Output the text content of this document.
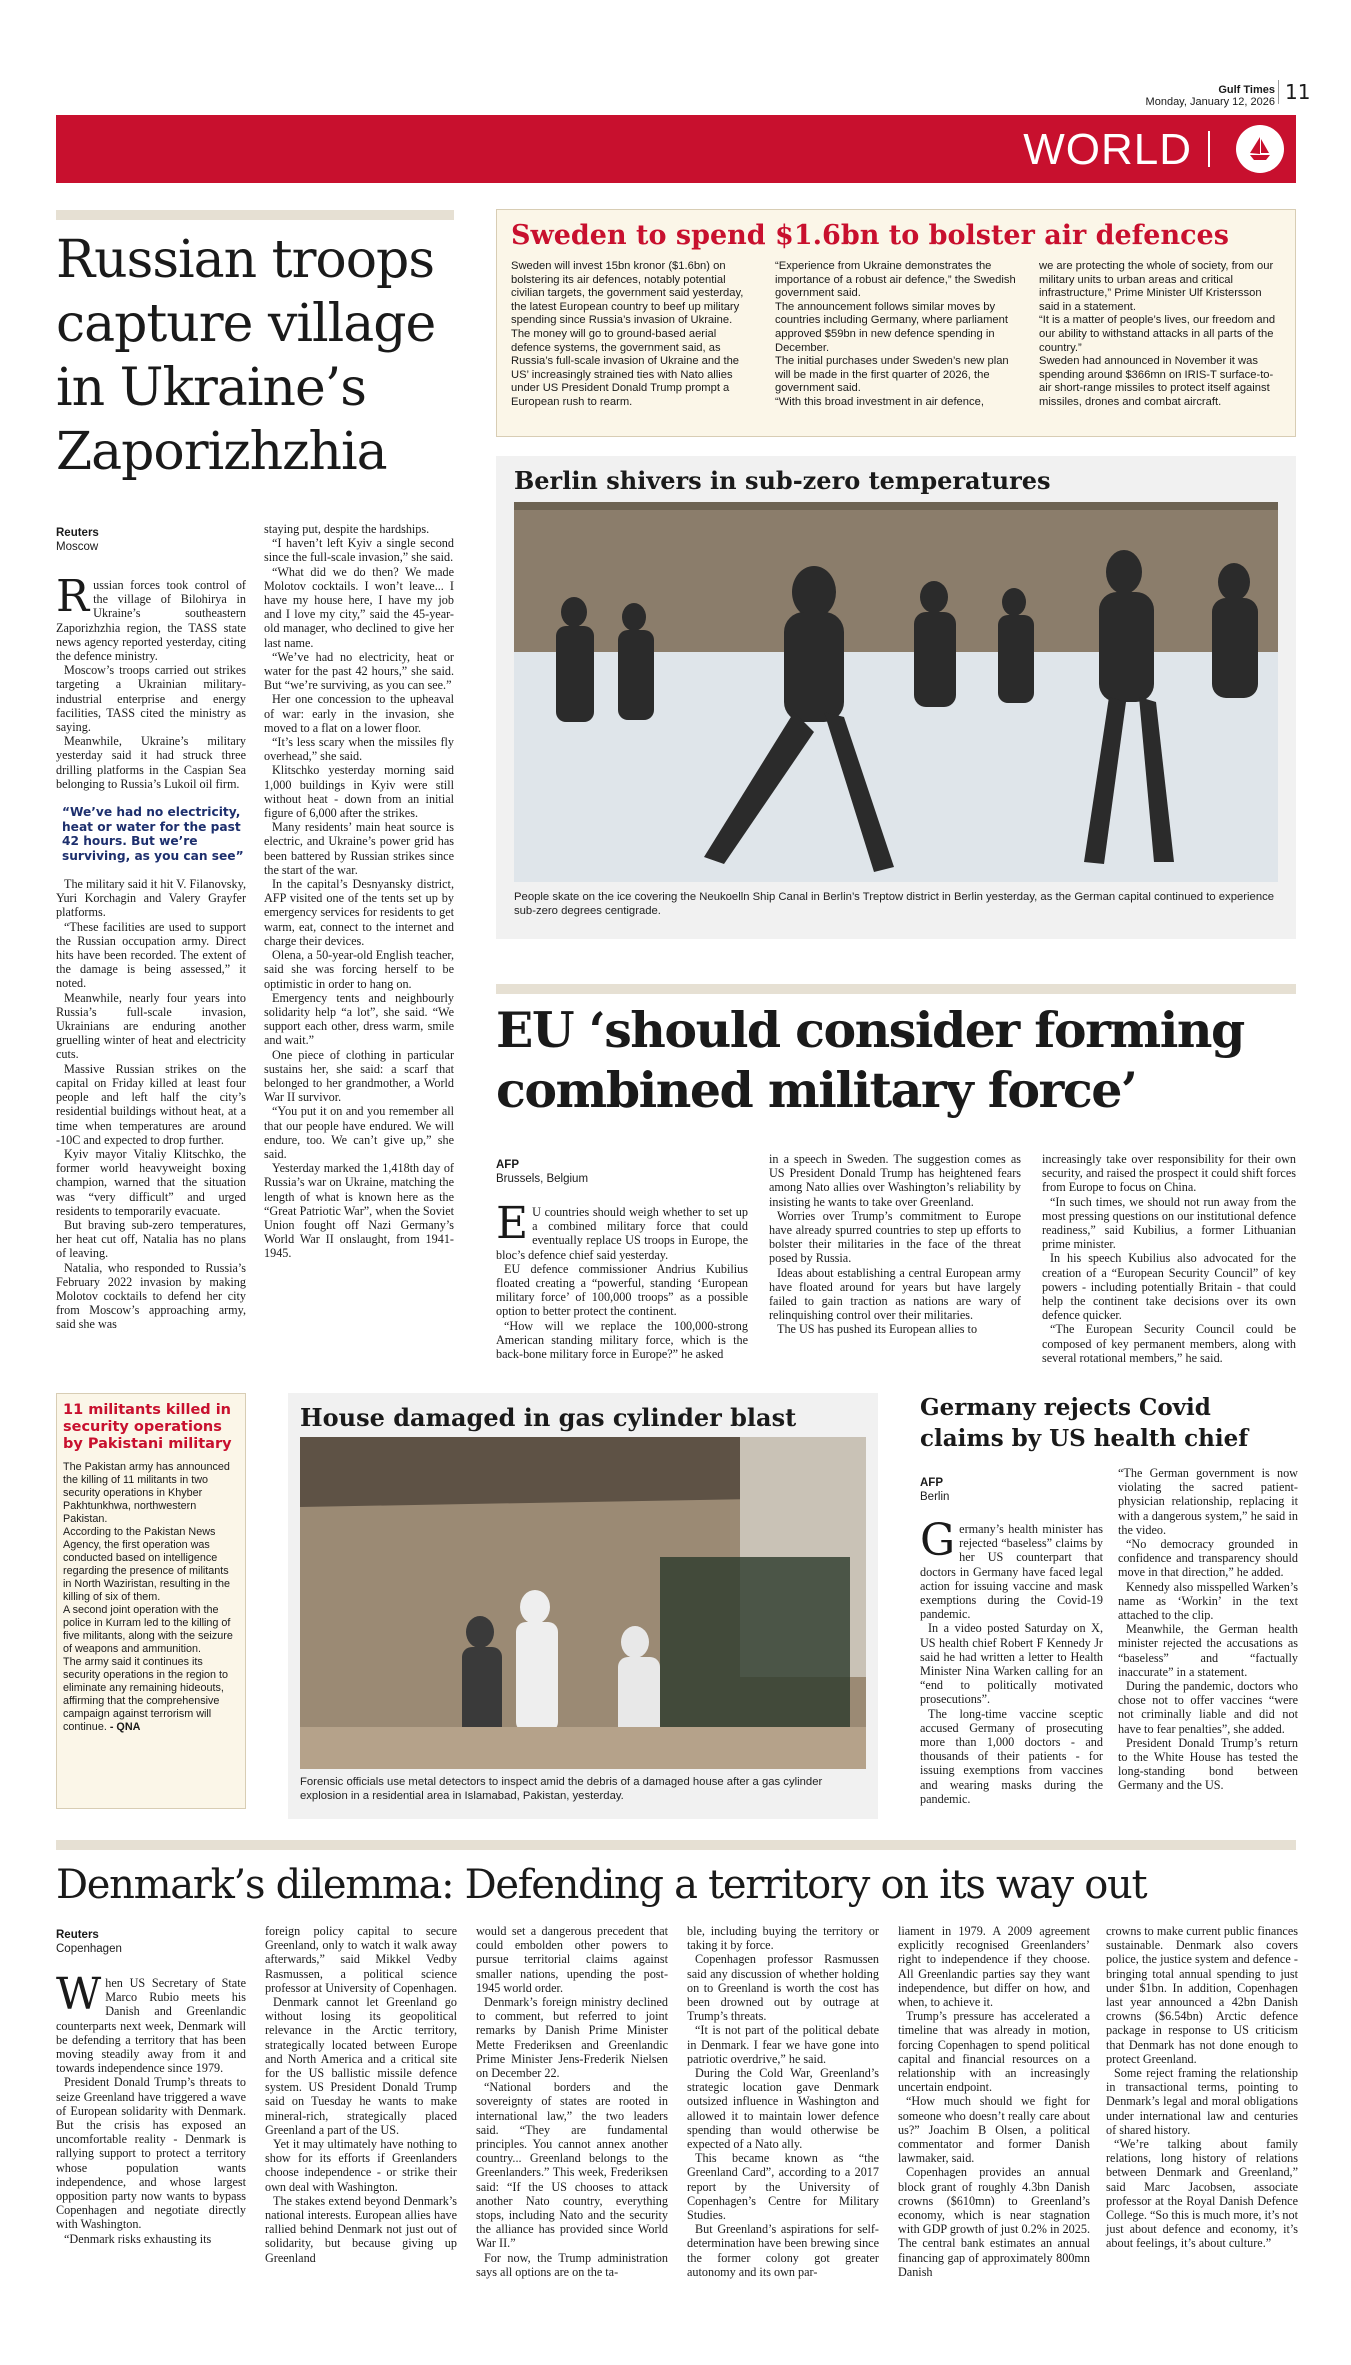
Gulf Times
Monday, January 12, 2026 11
WORLD
Russian troops capture village in Ukraine’s Zaporizhzhia
Reuters
Moscow

Russian forces took control of the village of Bilohirya in Ukraine’s southeastern Zaporizhzhia region, the TASS state news agency reported yesterday, citing the defence ministry.

Moscow’s troops carried out strikes targeting a Ukrainian military-industrial enterprise and energy facilities, TASS cited the ministry as saying.

Meanwhile, Ukraine’s military yesterday said it had struck three drilling platforms in the Caspian Sea belonging to Russia’s Lukoil oil firm.

“We’ve had no electricity, heat or water for the past 42 hours. But we’re surviving, as you can see”

The military said it hit V. Filanovsky, Yuri Korchagin and Valery Grayfer platforms.

“These facilities are used to support the Russian occupation army. Direct hits have been recorded. The extent of the damage is being assessed,” it noted.

Meanwhile, nearly four years into Russia’s full-scale invasion, Ukrainians are enduring another gruelling winter of heat and electricity cuts.

Massive Russian strikes on the capital on Friday killed at least four people and left half the city’s residential buildings without heat, at a time when temperatures are around -10C and expected to drop further.

Kyiv mayor Vitaliy Klitschko, the former world heavyweight boxing champion, warned that the situation was “very difficult” and urged residents to temporarily evacuate.

But braving sub-zero temperatures, her heat cut off, Natalia has no plans of leaving.

Natalia, who responded to Russia’s February 2022 invasion by making Molotov cocktails to defend her city from Moscow’s approaching army, said she was

staying put, despite the hardships.

“I haven’t left Kyiv a single second since the full-scale invasion,” she said.

“What did we do then? We made Molotov cocktails. I won’t leave... I have my house here, I have my job and I love my city,” said the 45-year-old manager, who declined to give her last name.

“We’ve had no electricity, heat or water for the past 42 hours,” she said. But “we’re surviving, as you can see.”

Her one concession to the upheaval of war: early in the invasion, she moved to a flat on a lower floor.

“It’s less scary when the missiles fly overhead,” she said.

Klitschko yesterday morning said 1,000 buildings in Kyiv were still without heat - down from an initial figure of 6,000 after the strikes.

Many residents’ main heat source is electric, and Ukraine’s power grid has been battered by Russian strikes since the start of the war.

In the capital’s Desnyansky district, AFP visited one of the tents set up by emergency services for residents to get warm, eat, connect to the internet and charge their devices.

Olena, a 50-year-old English teacher, said she was forcing herself to be optimistic in order to hang on.

Emergency tents and neighbourly solidarity help “a lot”, she said. “We support each other, dress warm, smile and wait.”

One piece of clothing in particular sustains her, she said: a scarf that belonged to her grandmother, a World War II survivor.

“You put it on and you remember all that our people have endured. We will endure, too. We can’t give up,” she said.

Yesterday marked the 1,418th day of Russia’s war on Ukraine, matching the length of what is known here as the “Great Patriotic War”, when the Soviet Union fought off Nazi Germany’s World War II onslaught, from 1941-1945.

Sweden to spend $1.6bn to bolster air defences
Sweden will invest 15bn kronor ($1.6bn) on bolstering its air defences, notably potential civilian targets, the government said yesterday, the latest European country to beef up military spending since Russia’s invasion of Ukraine. The money will go to ground-based aerial defence systems, the government said, as Russia’s full-scale invasion of Ukraine and the US’ increasingly strained ties with Nato allies under US President Donald Trump prompt a European rush to rearm.
“Experience from Ukraine demonstrates the importance of a robust air defence,” the Swedish government said.
The announcement follows similar moves by countries including Germany, where parliament approved $59bn in new defence spending in December.
The initial purchases under Sweden’s new plan will be made in the first quarter of 2026, the government said.
“With this broad investment in air defence,
we are protecting the whole of society, from our military units to urban areas and critical infrastructure,” Prime Minister Ulf Kristersson said in a statement.
“It is a matter of people’s lives, our freedom and our ability to withstand attacks in all parts of the country.”
Sweden had announced in November it was spending around $366mn on IRIS-T surface-to-air short-range missiles to protect itself against missiles, drones and combat aircraft.
Berlin shivers in sub-zero temperatures
People skate on the ice covering the Neukoelln Ship Canal in Berlin’s Treptow district in Berlin yesterday, as the German capital continued to experience sub-zero degrees centigrade.
EU ‘should consider forming combined military force’
AFP
Brussels, Belgium

EU countries should weigh whether to set up a combined military force that could eventually replace US troops in Europe, the bloc’s defence chief said yesterday.

EU defence commissioner Andrius Kubilius floated creating a “powerful, standing ‘European military force’ of 100,000 troops” as a possible option to better protect the continent.

“How will we replace the 100,000-strong American standing military force, which is the back-bone military force in Europe?” he asked

in a speech in Sweden. The suggestion comes as US President Donald Trump has heightened fears among Nato allies over Washington’s reliability by insisting he wants to take over Greenland.

Worries over Trump’s commitment to Europe have already spurred countries to step up efforts to bolster their militaries in the face of the threat posed by Russia.

Ideas about establishing a central European army have floated around for years but have largely failed to gain traction as nations are wary of relinquishing control over their militaries.

The US has pushed its European allies to

increasingly take over responsibility for their own security, and raised the prospect it could shift forces from Europe to focus on China.

“In such times, we should not run away from the most pressing questions on our institutional defence readiness,” said Kubilius, a former Lithuanian prime minister.

In his speech Kubilius also advocated for the creation of a “European Security Council” of key powers - including potentially Britain - that could help the continent take decisions over its own defence quicker.

“The European Security Council could be composed of key permanent members, along with several rotational members,” he said.

11 militants killed in security operations by Pakistani military
The Pakistan army has announced the killing of 11 militants in two security operations in Khyber Pakhtunkhwa, northwestern Pakistan.
According to the Pakistan News Agency, the first operation was conducted based on intelligence regarding the presence of militants in North Waziristan, resulting in the killing of six of them.
A second joint operation with the police in Kurram led to the killing of five militants, along with the seizure of weapons and ammunition.
The army said it continues its security operations in the region to eliminate any remaining hideouts, affirming that the comprehensive campaign against terrorism will continue. - QNA
House damaged in gas cylinder blast
Forensic officials use metal detectors to inspect amid the debris of a damaged house after a gas cylinder explosion in a residential area in Islamabad, Pakistan, yesterday.
Germany rejects Covid claims by US health chief
AFP
Berlin

Germany’s health minister has rejected “baseless” claims by her US counterpart that doctors in Germany have faced legal action for issuing vaccine and mask exemptions during the Covid-19 pandemic.

In a video posted Saturday on X, US health chief Robert F Kennedy Jr said he had written a letter to Health Minister Nina Warken calling for an “end to politically motivated prosecutions”.

The long-time vaccine sceptic accused Germany of prosecuting more than 1,000 doctors - and thousands of their patients - for issuing exemptions from vaccines and wearing masks during the pandemic.

“The German government is now violating the sacred patient-physician relationship, replacing it with a dangerous system,” he said in the video.

“No democracy grounded in confidence and transparency should move in that direction,” he added.

Kennedy also misspelled Warken’s name as ‘Workin’ in the text attached to the clip.

Meanwhile, the German health minister rejected the accusations as “baseless” and “factually inaccurate” in a statement.

During the pandemic, doctors who chose not to offer vaccines “were not criminally liable and did not have to fear penalties”, she added.

President Donald Trump’s return to the White House has tested the long-standing bond between Germany and the US.

Denmark’s dilemma: Defending a territory on its way out
Reuters
Copenhagen

When US Secretary of State Marco Rubio meets his Danish and Greenlandic counterparts next week, Denmark will be defending a territory that has been moving steadily away from it and towards independence since 1979.

President Donald Trump’s threats to seize Greenland have triggered a wave of European solidarity with Denmark. But the crisis has exposed an uncomfortable reality - Denmark is rallying support to protect a territory whose population wants independence, and whose largest opposition party now wants to bypass Copenhagen and negotiate directly with Washington.

“Denmark risks exhausting its

foreign policy capital to secure Greenland, only to watch it walk away afterwards,” said Mikkel Vedby Rasmussen, a political science professor at University of Copenhagen.

Denmark cannot let Greenland go without losing its geopolitical relevance in the Arctic territory, strategically located between Europe and North America and a critical site for the US ballistic missile defence system. US President Donald Trump said on Tuesday he wants to make mineral-rich, strategically placed Greenland a part of the US.

Yet it may ultimately have nothing to show for its efforts if Greenlanders choose independence - or strike their own deal with Washington.

The stakes extend beyond Denmark’s national interests. European allies have rallied behind Denmark not just out of solidarity, but because giving up Greenland

would set a dangerous precedent that could embolden other powers to pursue territorial claims against smaller nations, upending the post-1945 world order.

Denmark’s foreign ministry declined to comment, but referred to joint remarks by Danish Prime Minister Mette Frederiksen and Greenlandic Prime Minister Jens-Frederik Nielsen on December 22.

“National borders and the sovereignty of states are rooted in international law,” the two leaders said. “They are fundamental principles. You cannot annex another country... Greenland belongs to the Greenlanders.” This week, Frederiksen said: “If the US chooses to attack another Nato country, everything stops, including Nato and the security the alliance has provided since World War II.”

For now, the Trump administration says all options are on the ta-

ble, including buying the territory or taking it by force.

Copenhagen professor Rasmussen said any discussion of whether holding on to Greenland is worth the cost has been drowned out by outrage at Trump’s threats.

“It is not part of the political debate in Denmark. I fear we have gone into patriotic overdrive,” he said.

During the Cold War, Greenland’s strategic location gave Denmark outsized influence in Washington and allowed it to maintain lower defence spending than would otherwise be expected of a Nato ally.

This became known as “the Greenland Card”, according to a 2017 report by the University of Copenhagen’s Centre for Military Studies.

But Greenland’s aspirations for self-determination have been brewing since the former colony got greater autonomy and its own par-

liament in 1979. A 2009 agreement explicitly recognised Greenlanders’ right to independence if they choose. All Greenlandic parties say they want independence, but differ on how, and when, to achieve it.

Trump’s pressure has accelerated a timeline that was already in motion, forcing Copenhagen to spend political capital and financial resources on a relationship with an increasingly uncertain endpoint.

“How much should we fight for someone who doesn’t really care about us?” Joachim B Olsen, a political commentator and former Danish lawmaker, said.

Copenhagen provides an annual block grant of roughly 4.3bn Danish crowns ($610mn) to Greenland’s economy, which is near stagnation with GDP growth of just 0.2% in 2025. The central bank estimates an annual financing gap of approximately 800mn Danish

crowns to make current public finances sustainable. Denmark also covers police, the justice system and defence - bringing total annual spending to just under $1bn. In addition, Copenhagen last year announced a 42bn Danish crowns ($6.54bn) Arctic defence package in response to US criticism that Denmark has not done enough to protect Greenland.

Some reject framing the relationship in transactional terms, pointing to Denmark’s legal and moral obligations under international law and centuries of shared history.

“We’re talking about family relations, long history of relations between Denmark and Greenland,” said Marc Jacobsen, associate professor at the Royal Danish Defence College. “So this is much more, it’s not just about defence and economy, it’s about feelings, it’s about culture.”
